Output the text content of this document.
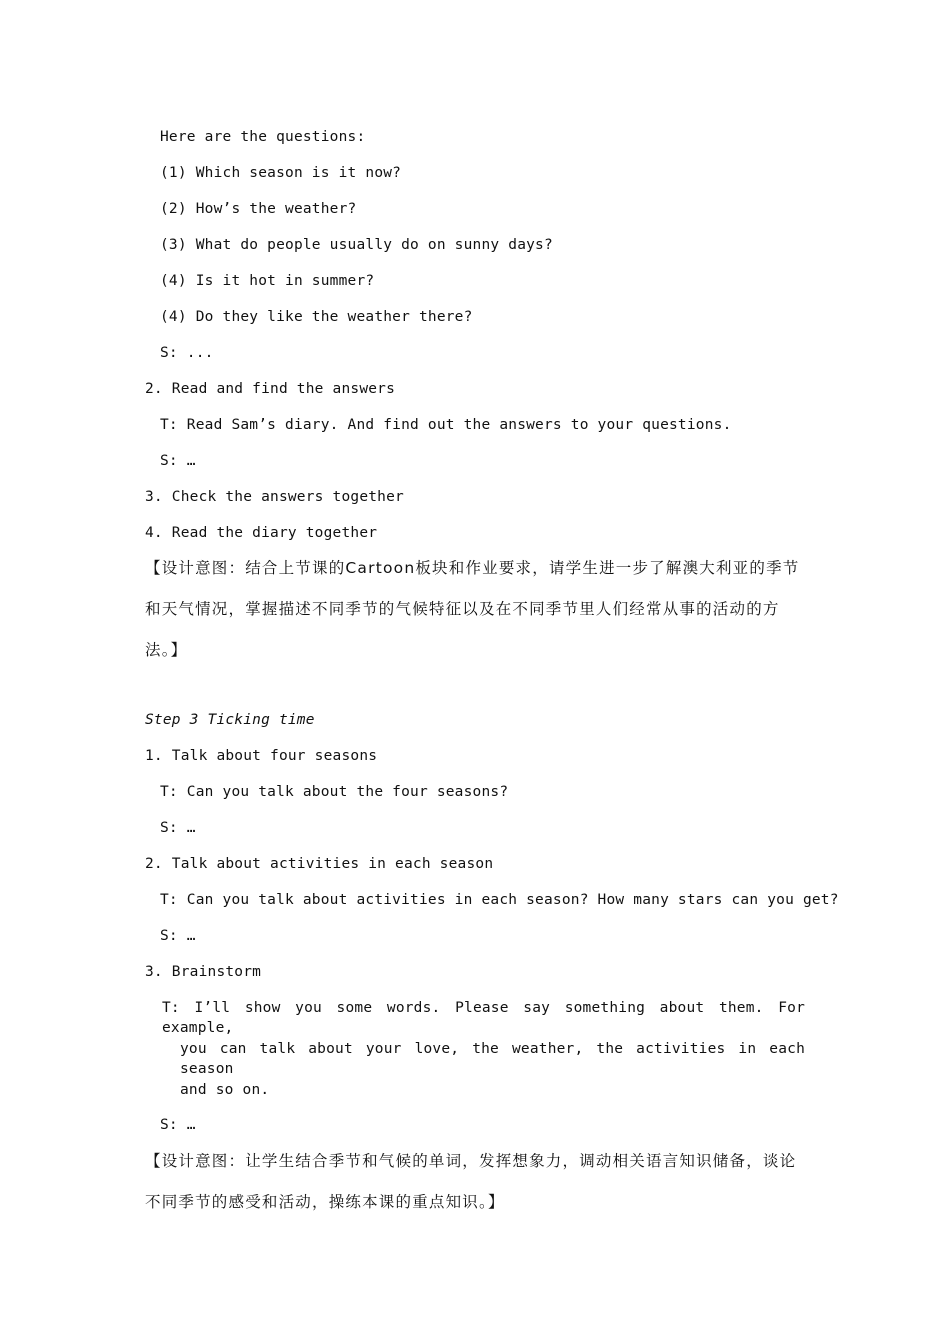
Here are the questions:
(1) Which season is it now?
(2) How’s the weather?
(3) What do people usually do on sunny days?
(4) Is it hot in summer?
(4) Do they like the weather there?
S: ...
2. Read and find the answers
T: Read Sam’s diary. And find out the answers to your questions.
S: …
3. Check the answers together
4. Read the diary together
【设计意图：结合上节课的Cartoon板块和作业要求，请学生进一步了解澳大利亚的季节
和天气情况，掌握描述不同季节的气候特征以及在不同季节里人们经常从事的活动的方
法。】
Step 3 Ticking time
1. Talk about four seasons
T: Can you talk about the four seasons?
S: …
2. Talk about activities in each season
T: Can you talk about activities in each season? How many stars can you get?
S: …
3. Brainstorm
T: I’ll show you some words. Please say something about them. For example,
you can talk about your love, the weather, the activities in each season
and so on.
S: …
【设计意图：让学生结合季节和气候的单词，发挥想象力，调动相关语言知识储备，谈论
不同季节的感受和活动，操练本课的重点知识。】
